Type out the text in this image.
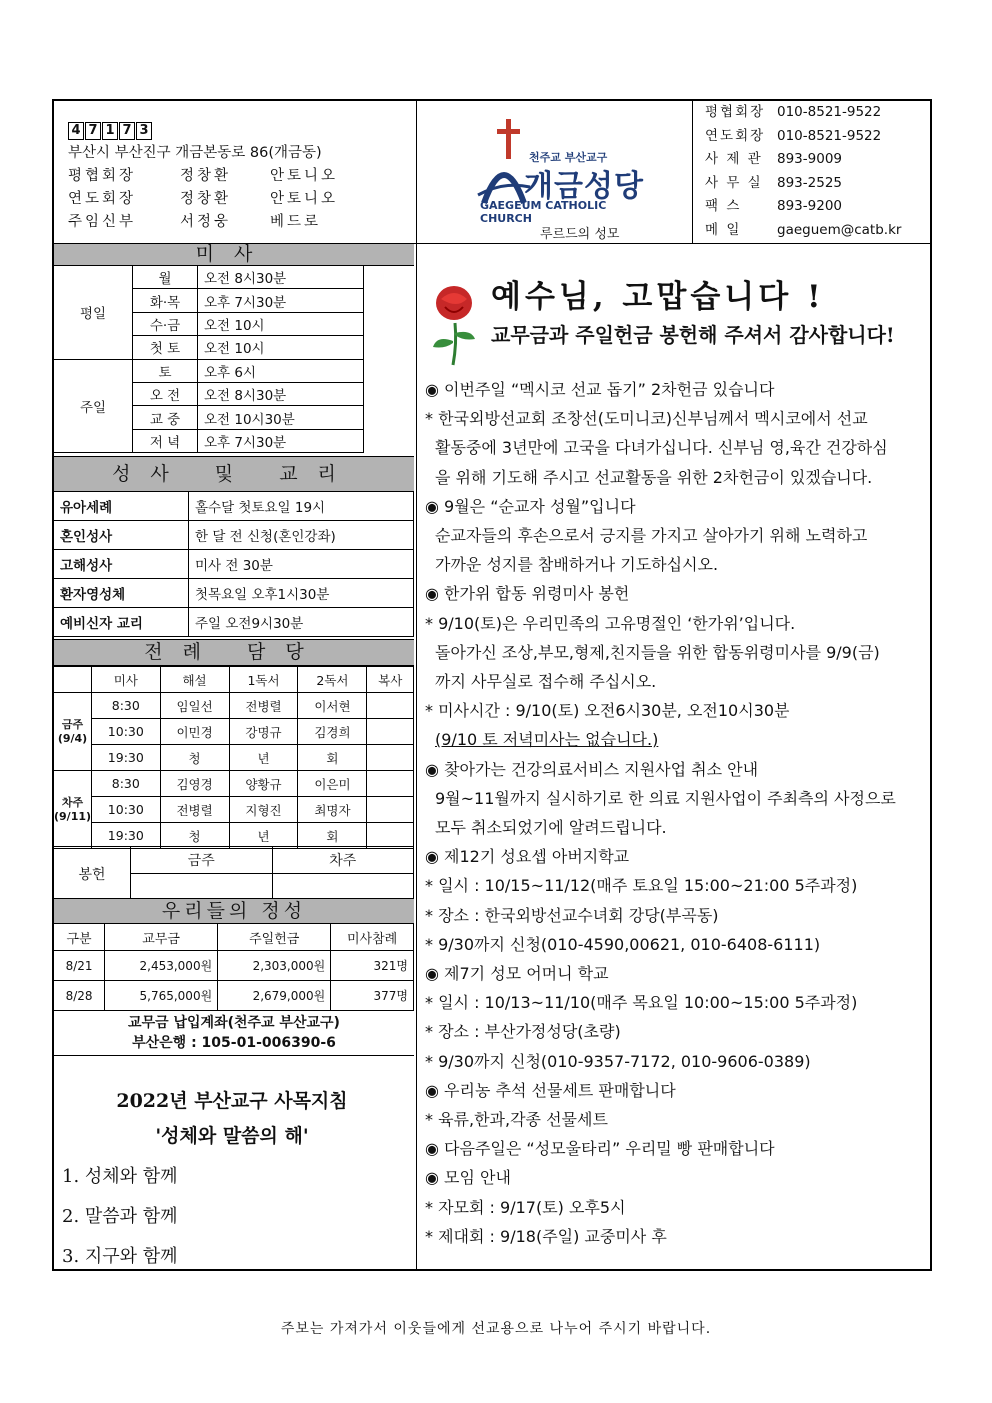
4 7 1 7 3
부산시 부산진구 개금본동로 86(개금동)
평협회장	정창환	안토니오
연도회장	정창환	안토니오
주임신부	서정웅	베드로
천주교 부산교구
개금성당
GAEGEUM CATHOLIC CHURCH
루르드의 성모
평협회장 010-8521-9522
연도회장 010-8521-9522
사 제 관	893-9009
사 무 실	893-2525
팩 스	893-9200
메 일	gaeguem@catb.kr
미사
평일	월	오전 8시30분
	화·목	오후 7시30분
	수·금	오전 10시
	첫 토	오전 10시
주일	토	오후 6시
	오 전	오전 8시30분
	교 중	오전 10시30분
	저 녁	오후 7시30분
성사 및 교리
유아세례	홀수달 첫토요일 19시
혼인성사	한 달 전 신청(혼인강좌)
고해성사	미사 전 30분
환자영성체	첫목요일 오후1시30분
예비신자 교리	주일 오전9시30분
전례 담당
	미사	해설	1독서	2독서	복사
금주(9/4)	8:30	임일선	전병렬	이서현	
	10:30	이민경	강명규	김경희	
	19:30	청	년	회	
차주(9/11)	8:30	김영경	양황규	이은미	
	10:30	전병렬	지형진	최명자	
	19:30	청	년	회	
봉헌	금주	차주

우리들의 정성
구분	교무금	주일헌금	미사참례
8/21	2,453,000원	2,303,000원	321명
8/28	5,765,000원	2,679,000원	377명
교무금 납입계좌(천주교 부산교구)
부산은행 : 105-01-006390-6
2022년 부산교구 사목지침
'성체와 말씀의 해'
1. 성체와 함께
2. 말씀과 함께
3. 지구와 함께
예수님, 고맙습니다 !
교무금과 주일헌금 봉헌해 주셔서 감사합니다!
◉ 이번주일 “멕시코 선교 돕기” 2차헌금 있습니다
* 한국외방선교회 조창선(도미니코)신부님께서 멕시코에서 선교
활동중에 3년만에 고국을 다녀가십니다. 신부님 영,육간 건강하심
을 위해 기도해 주시고 선교활동을 위한 2차헌금이 있겠습니다.
◉ 9월은 “순교자 성월”입니다
순교자들의 후손으로서 긍지를 가지고 살아가기 위해 노력하고
가까운 성지를 참배하거나 기도하십시오.
◉ 한가위 합동 위령미사 봉헌
* 9/10(토)은 우리민족의 고유명절인 ‘한가위’입니다.
돌아가신 조상,부모,형제,친지들을 위한 합동위령미사를 9/9(금)
까지 사무실로 접수해 주십시오.
* 미사시간 : 9/10(토) 오전6시30분, 오전10시30분
(9/10 토 저녁미사는 없습니다.)
◉ 찾아가는 건강의료서비스 지원사업 취소 안내
9월~11월까지 실시하기로 한 의료 지원사업이 주최측의 사정으로
모두 취소되었기에 알려드립니다.
◉ 제12기 성요셉 아버지학교
* 일시 : 10/15~11/12(매주 토요일 15:00~21:00 5주과정)
* 장소 : 한국외방선교수녀회 강당(부곡동)
* 9/30까지 신청(010-4590,00621, 010-6408-6111)
◉ 제7기 성모 어머니 학교
* 일시 : 10/13~11/10(매주 목요일 10:00~15:00 5주과정)
* 장소 : 부산가정성당(초량)
* 9/30까지 신청(010-9357-7172, 010-9606-0389)
◉ 우리농 추석 선물세트 판매합니다
* 육류,한과,각종 선물세트
◉ 다음주일은 “성모울타리” 우리밀 빵 판매합니다
◉ 모임 안내
* 자모회 : 9/17(토) 오후5시
* 제대회 : 9/18(주일) 교중미사 후
주보는 가져가서 이웃들에게 선교용으로 나누어 주시기 바랍니다.
